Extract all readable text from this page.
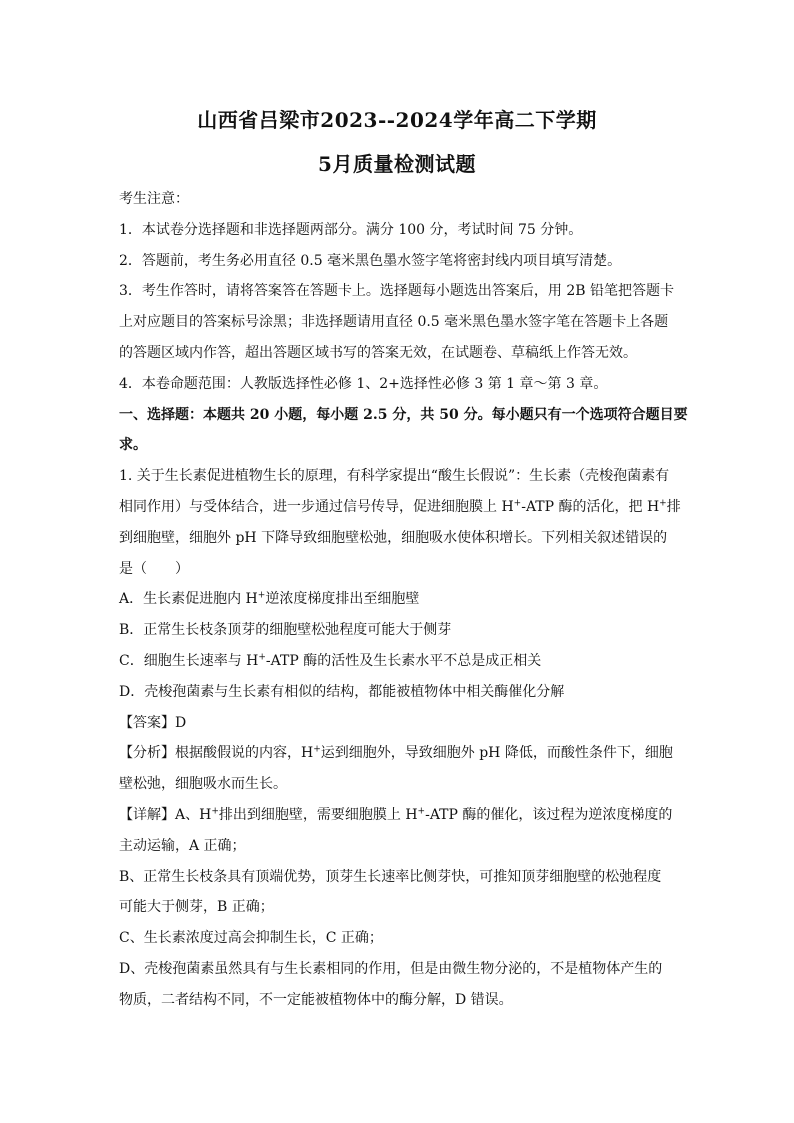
山西省吕梁市2023--2024学年高二下学期
5月质量检测试题
考生注意：
1．本试卷分选择题和非选择题两部分。满分 100 分，考试时间 75 分钟。
2．答题前，考生务必用直径 0.5 毫米黑色墨水签字笔将密封线内项目填写清楚。
3．考生作答时，请将答案答在答题卡上。选择题每小题选出答案后，用 2B 铅笔把答题卡
上对应题目的答案标号涂黑；非选择题请用直径 0.5 毫米黑色墨水签字笔在答题卡上各题
的答题区域内作答，超出答题区域书写的答案无效，在试题卷、草稿纸上作答无效。
4．本卷命题范围：人教版选择性必修 1、2+选择性必修 3 第 1 章～第 3 章。
一、选择题：本题共 20 小题，每小题 2.5 分，共 50 分。每小题只有一个选项符合题目要
求。
1. 关于生长素促进植物生长的原理，有科学家提出“酸生长假说”：生长素（壳梭孢菌素有
相同作用）与受体结合，进一步通过信号传导，促进细胞膜上 H+-ATP 酶的活化，把 H+排
到细胞壁，细胞外 pH 下降导致细胞壁松弛，细胞吸水使体积增长。下列相关叙述错误的
是（　　）
A．生长素促进胞内 H+逆浓度梯度排出至细胞壁
B．正常生长枝条顶芽的细胞壁松弛程度可能大于侧芽
C．细胞生长速率与 H+-ATP 酶的活性及生长素水平不总是成正相关
D．壳梭孢菌素与生长素有相似的结构，都能被植物体中相关酶催化分解
【答案】D
【分析】根据酸假说的内容，H+运到细胞外，导致细胞外 pH 降低，而酸性条件下，细胞
壁松弛，细胞吸水而生长。
【详解】A、H+排出到细胞壁，需要细胞膜上 H+-ATP 酶的催化，该过程为逆浓度梯度的
主动运输，A 正确；
B、正常生长枝条具有顶端优势，顶芽生长速率比侧芽快，可推知顶芽细胞壁的松弛程度
可能大于侧芽，B 正确；
C、生长素浓度过高会抑制生长，C 正确；
D、壳梭孢菌素虽然具有与生长素相同的作用，但是由微生物分泌的，不是植物体产生的
物质，二者结构不同，不一定能被植物体中的酶分解，D 错误。
